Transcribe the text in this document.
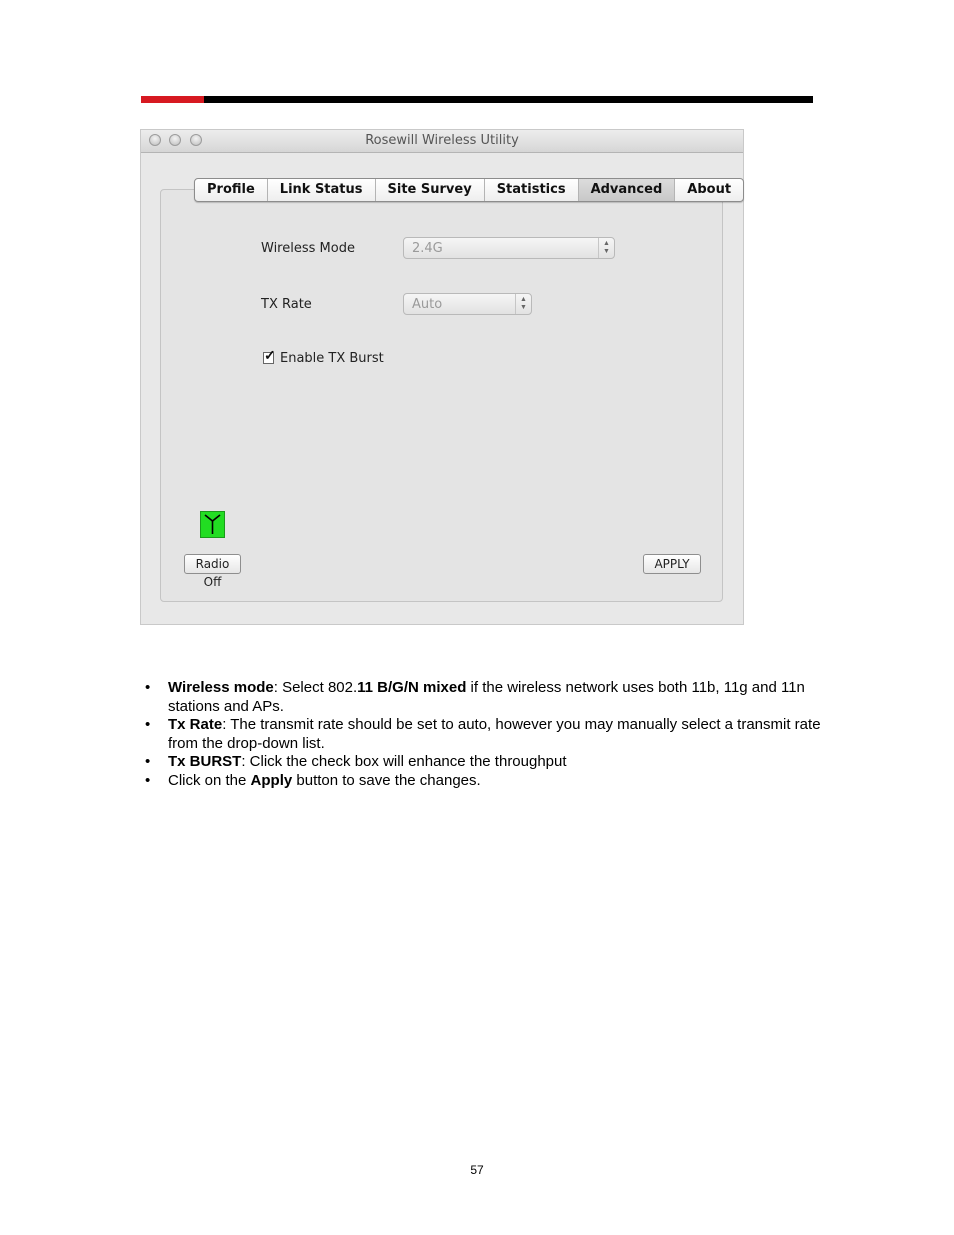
Rosewill Wireless Utility
Profile	Link Status	Site Survey	Statistics	Advanced	About
Wireless Mode	2.4G	▲
▼
TX Rate	Auto	▲
▼
✓ Enable TX Burst
Radio Off
APPLY
• Wireless mode: Select 802.11 B/G/N mixed if the wireless network uses both 11b, 11g and 11n stations and APs.
• Tx Rate: The transmit rate should be set to auto, however you may manually select a transmit rate from the drop-down list.
• Tx BURST: Click the check box will enhance the throughput
• Click on the Apply button to save the changes.
57
